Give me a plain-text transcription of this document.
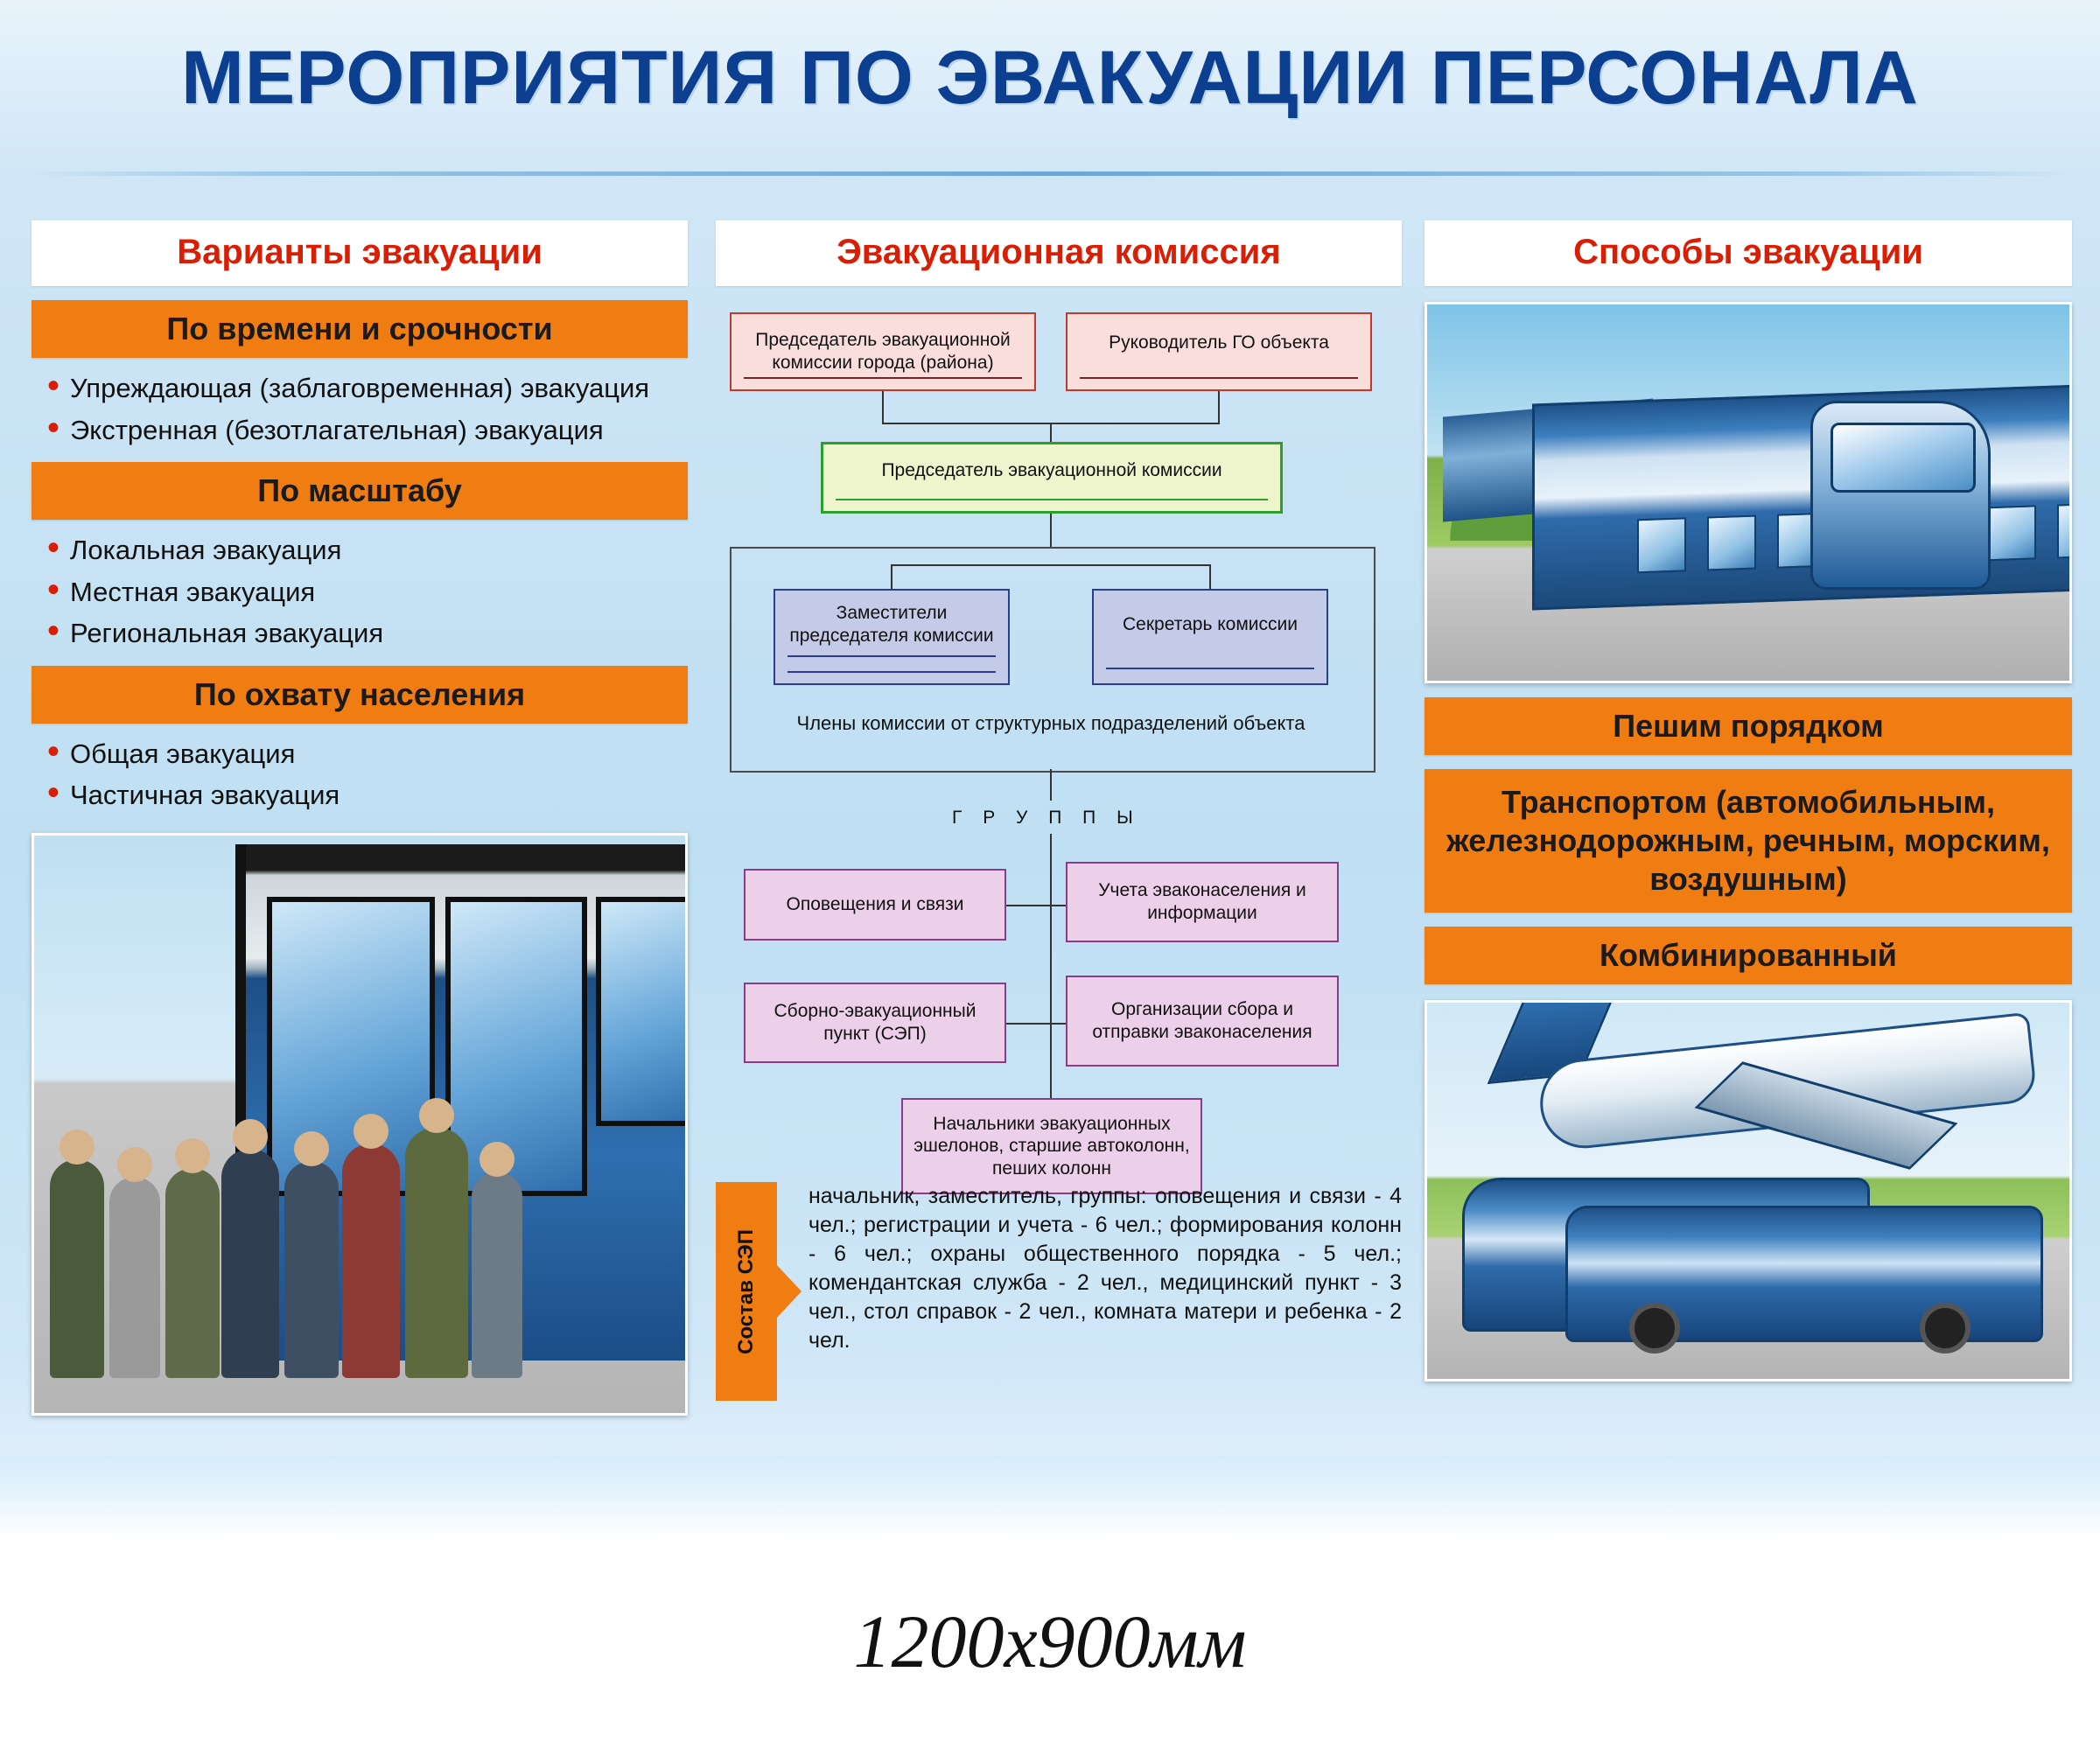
МЕРОПРИЯТИЯ ПО ЭВАКУАЦИИ ПЕРСОНАЛА
Варианты эвакуации
По времени и срочности
• Упреждающая (заблаговременная) эвакуация
• Экстренная (безотлагательная) эвакуация
По масштабу
• Локальная эвакуация
• Местная эвакуация
• Региональная эвакуация
По охвату населения
• Общая эвакуация
• Частичная эвакуация
Эвакуационная комиссия
Председатель эвакуационной комиссии города (района)
Руководитель ГО объекта
Председатель эвакуационной комиссии
Заместители председателя комиссии
Секретарь комиссии
Члены комиссии от структурных подразделений объекта
Г Р У П П Ы
Оповещения и связи
Учета эваконаселения и информации
Сборно-эвакуационный пункт (СЭП)
Организации сбора и отправки эваконаселения
Начальники эвакуационных эшелонов, старшие автоколонн, пеших колонн
Состав СЭП
начальник, заместитель, группы: оповещения и связи - 4 чел.; регистрации и учета - 6 чел.; формирования колонн - 6 чел.; охраны общественного порядка - 5 чел.; комендантская служба - 2 чел., медицинский пункт - 3 чел., стол справок - 2 чел., комната матери и ребенка - 2 чел.
Способы эвакуации
Пешим порядком
Транспортом (автомобильным, железнодорожным, речным, морским, воздушным)
Комбинированный
1200х900мм
